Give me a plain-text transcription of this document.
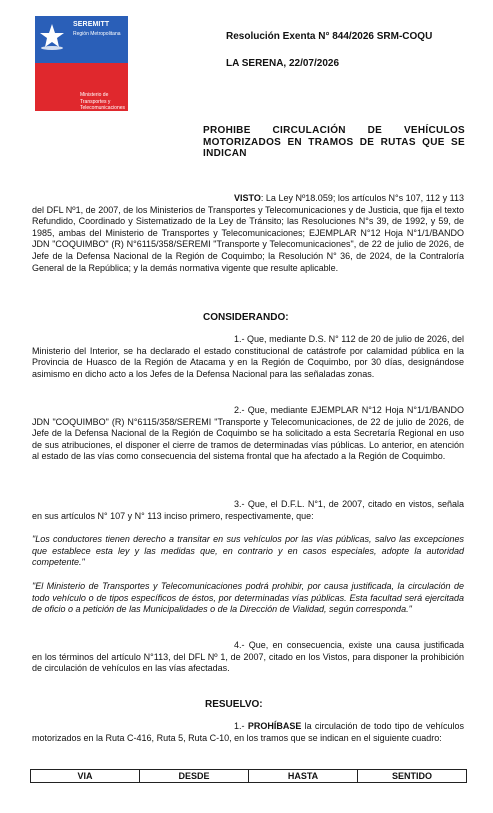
SEREMITT
Región Metropolitana
Ministerio de Transportes y Telecomunicaciones
Resolución Exenta N° 844/2026 SRM-COQU
LA SERENA, 22/07/2026
PROHIBE CIRCULACIÓN DE VEHÍCULOS MOTORIZADOS EN TRAMOS DE RUTAS QUE SE INDICAN
VISTO: La Ley Nº18.059; los artículos N°s 107, 112 y 113 del DFL Nº1, de 2007, de los Ministerios de Transportes y Telecomunicaciones y de Justicia, que fija el texto Refundido, Coordinado y Sistematizado de la Ley de Tránsito; las Resoluciones N°s 39, de 1992, y 59, de 1985, ambas del Ministerio de Transportes y Telecomunicaciones; EJEMPLAR N°12 Hoja N°1/1/BANDO JDN "COQUIMBO" (R) N°6115/358/SEREMI "Transporte y Telecomunicaciones", de 22 de julio de 2026, de Jefe de la Defensa Nacional de la Región de Coquimbo; la Resolución N° 36, de 2024, de la Contraloría General de la República; y la demás normativa vigente que resulte aplicable.
CONSIDERANDO:
1.- Que, mediante D.S. N° 112 de 20 de julio de 2026, del Ministerio del Interior, se ha declarado el estado constitucional de catástrofe por calamidad pública en la Provincia de Huasco de la Región de Atacama y en la Región de Coquimbo, por 30 días, designándose asimismo en dicho acto a los Jefes de la Defensa Nacional para las señaladas zonas.
2.- Que, mediante EJEMPLAR N°12 Hoja N°1/1/BANDO JDN "COQUIMBO" (R) N°6115/358/SEREMI "Transporte y Telecomunicaciones, de 22 de julio de 2026, de Jefe de la Defensa Nacional de la Región de Coquimbo se ha solicitado a esta Secretaría Regional en uso de sus atribuciones, el disponer el cierre de tramos de determinadas vías públicas. Lo anterior, en atención al estado de las vías como consecuencia del sistema frontal que ha afectado a la Región de Coquimbo.
3.- Que, el D.F.L. N°1, de 2007, citado en vistos, señala en sus artículos N° 107 y N° 113 inciso primero, respectivamente, que:
"Los conductores tienen derecho a transitar en sus vehículos por las vías públicas, salvo las excepciones que establece esta ley y las medidas que, en contrario y en casos especiales, adopte la autoridad competente."
"El Ministerio de Transportes y Telecomunicaciones podrá prohibir, por causa justificada, la circulación de todo vehículo o de tipos específicos de éstos, por determinadas vías públicas. Esta facultad será ejercitada de oficio o a petición de las Municipalidades o de la Dirección de Vialidad, según corresponda."
4.- Que, en consecuencia, existe una causa justificada en los términos del artículo N°113, del DFL Nº 1, de 2007, citado en los Vistos, para disponer la prohibición de circulación de vehículos en las vías afectadas.
RESUELVO:
1.- PROHÍBASE la circulación de todo tipo de vehículos motorizados en la Ruta C-416, Ruta 5, Ruta C-10, en los tramos que se indican en el siguiente cuadro:
VIA	DESDE	HASTA	SENTIDO
